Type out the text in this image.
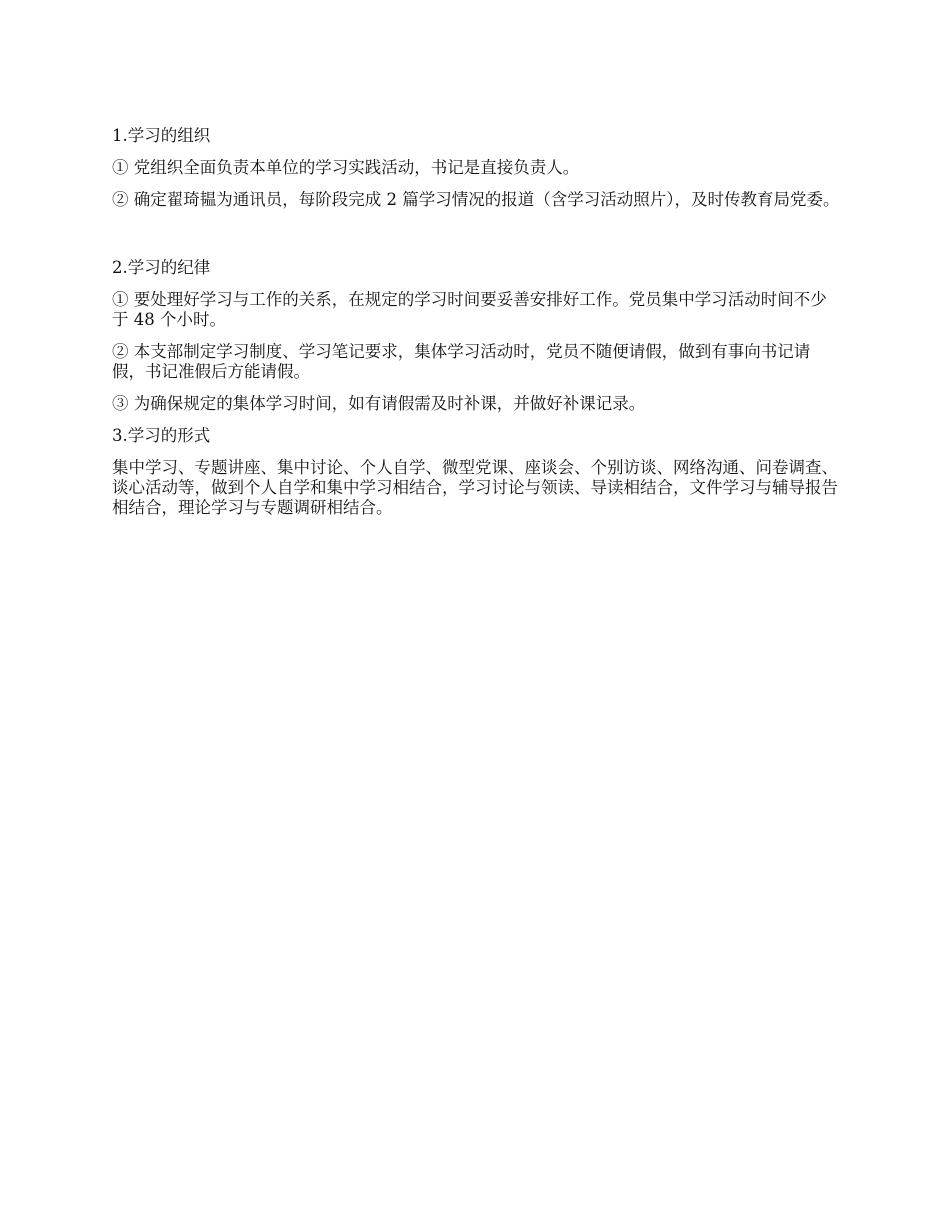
1.学习的组织

① 党组织全面负责本单位的学习实践活动，书记是直接负责人。

② 确定翟琦韫为通讯员，每阶段完成 2 篇学习情况的报道（含学习活动照片），及时传教育局党委。

2.学习的纪律

① 要处理好学习与工作的关系，在规定的学习时间要妥善安排好工作。党员集中学习活动时间不少于 48 个小时。

② 本支部制定学习制度、学习笔记要求，集体学习活动时，党员不随便请假，做到有事向书记请假，书记准假后方能请假。

③ 为确保规定的集体学习时间，如有请假需及时补课，并做好补课记录。

3.学习的形式

集中学习、专题讲座、集中讨论、个人自学、微型党课、座谈会、个别访谈、网络沟通、问卷调查、谈心活动等，做到个人自学和集中学习相结合，学习讨论与领读、导读相结合，文件学习与辅导报告相结合，理论学习与专题调研相结合。
